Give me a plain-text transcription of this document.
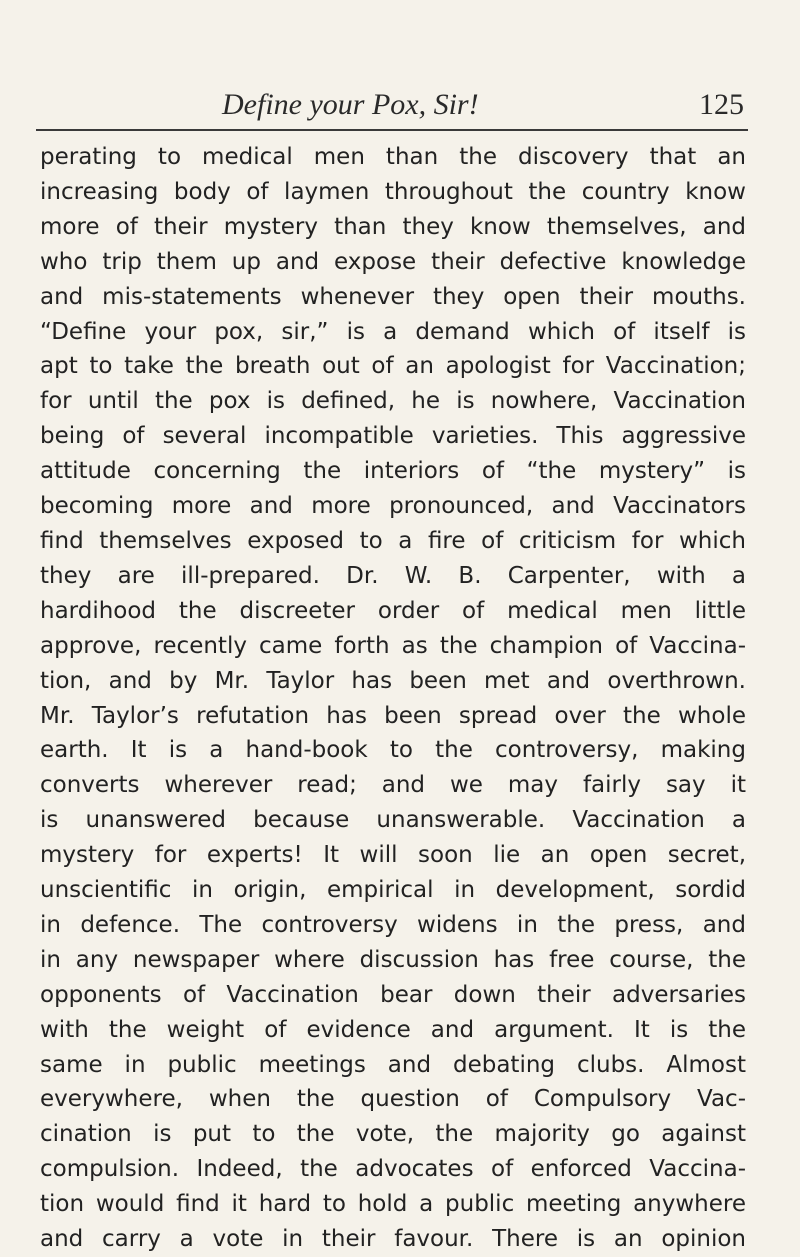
Define your Pox, Sir!	125
perating to medical men than the discovery that an
increasing body of laymen throughout the country know
more of their mystery than they know themselves, and
who trip them up and expose their defective knowledge
and mis-statements whenever they open their mouths.
“Define your pox, sir,” is a demand which of itself is
apt to take the breath out of an apologist for Vaccination;
for until the pox is defined, he is nowhere, Vaccination
being of several incompatible varieties. This aggressive
attitude concerning the interiors of “the mystery” is
becoming more and more pronounced, and Vaccinators
find themselves exposed to a fire of criticism for which
they are ill-prepared. Dr. W. B. Carpenter, with a
hardihood the discreeter order of medical men little
approve, recently came forth as the champion of Vaccina-
tion, and by Mr. Taylor has been met and overthrown.
Mr. Taylor’s refutation has been spread over the whole
earth. It is a hand-book to the controversy, making
converts wherever read; and we may fairly say it
is unanswered because unanswerable. Vaccination a
mystery for experts! It will soon lie an open secret,
unscientific in origin, empirical in development, sordid
in defence. The controversy widens in the press, and
in any newspaper where discussion has free course, the
opponents of Vaccination bear down their adversaries
with the weight of evidence and argument. It is the
same in public meetings and debating clubs. Almost
everywhere, when the question of Compulsory Vac-
cination is put to the vote, the majority go against
compulsion. Indeed, the advocates of enforced Vaccina-
tion would find it hard to hold a public meeting anywhere
and carry a vote in their favour. There is an opinion
